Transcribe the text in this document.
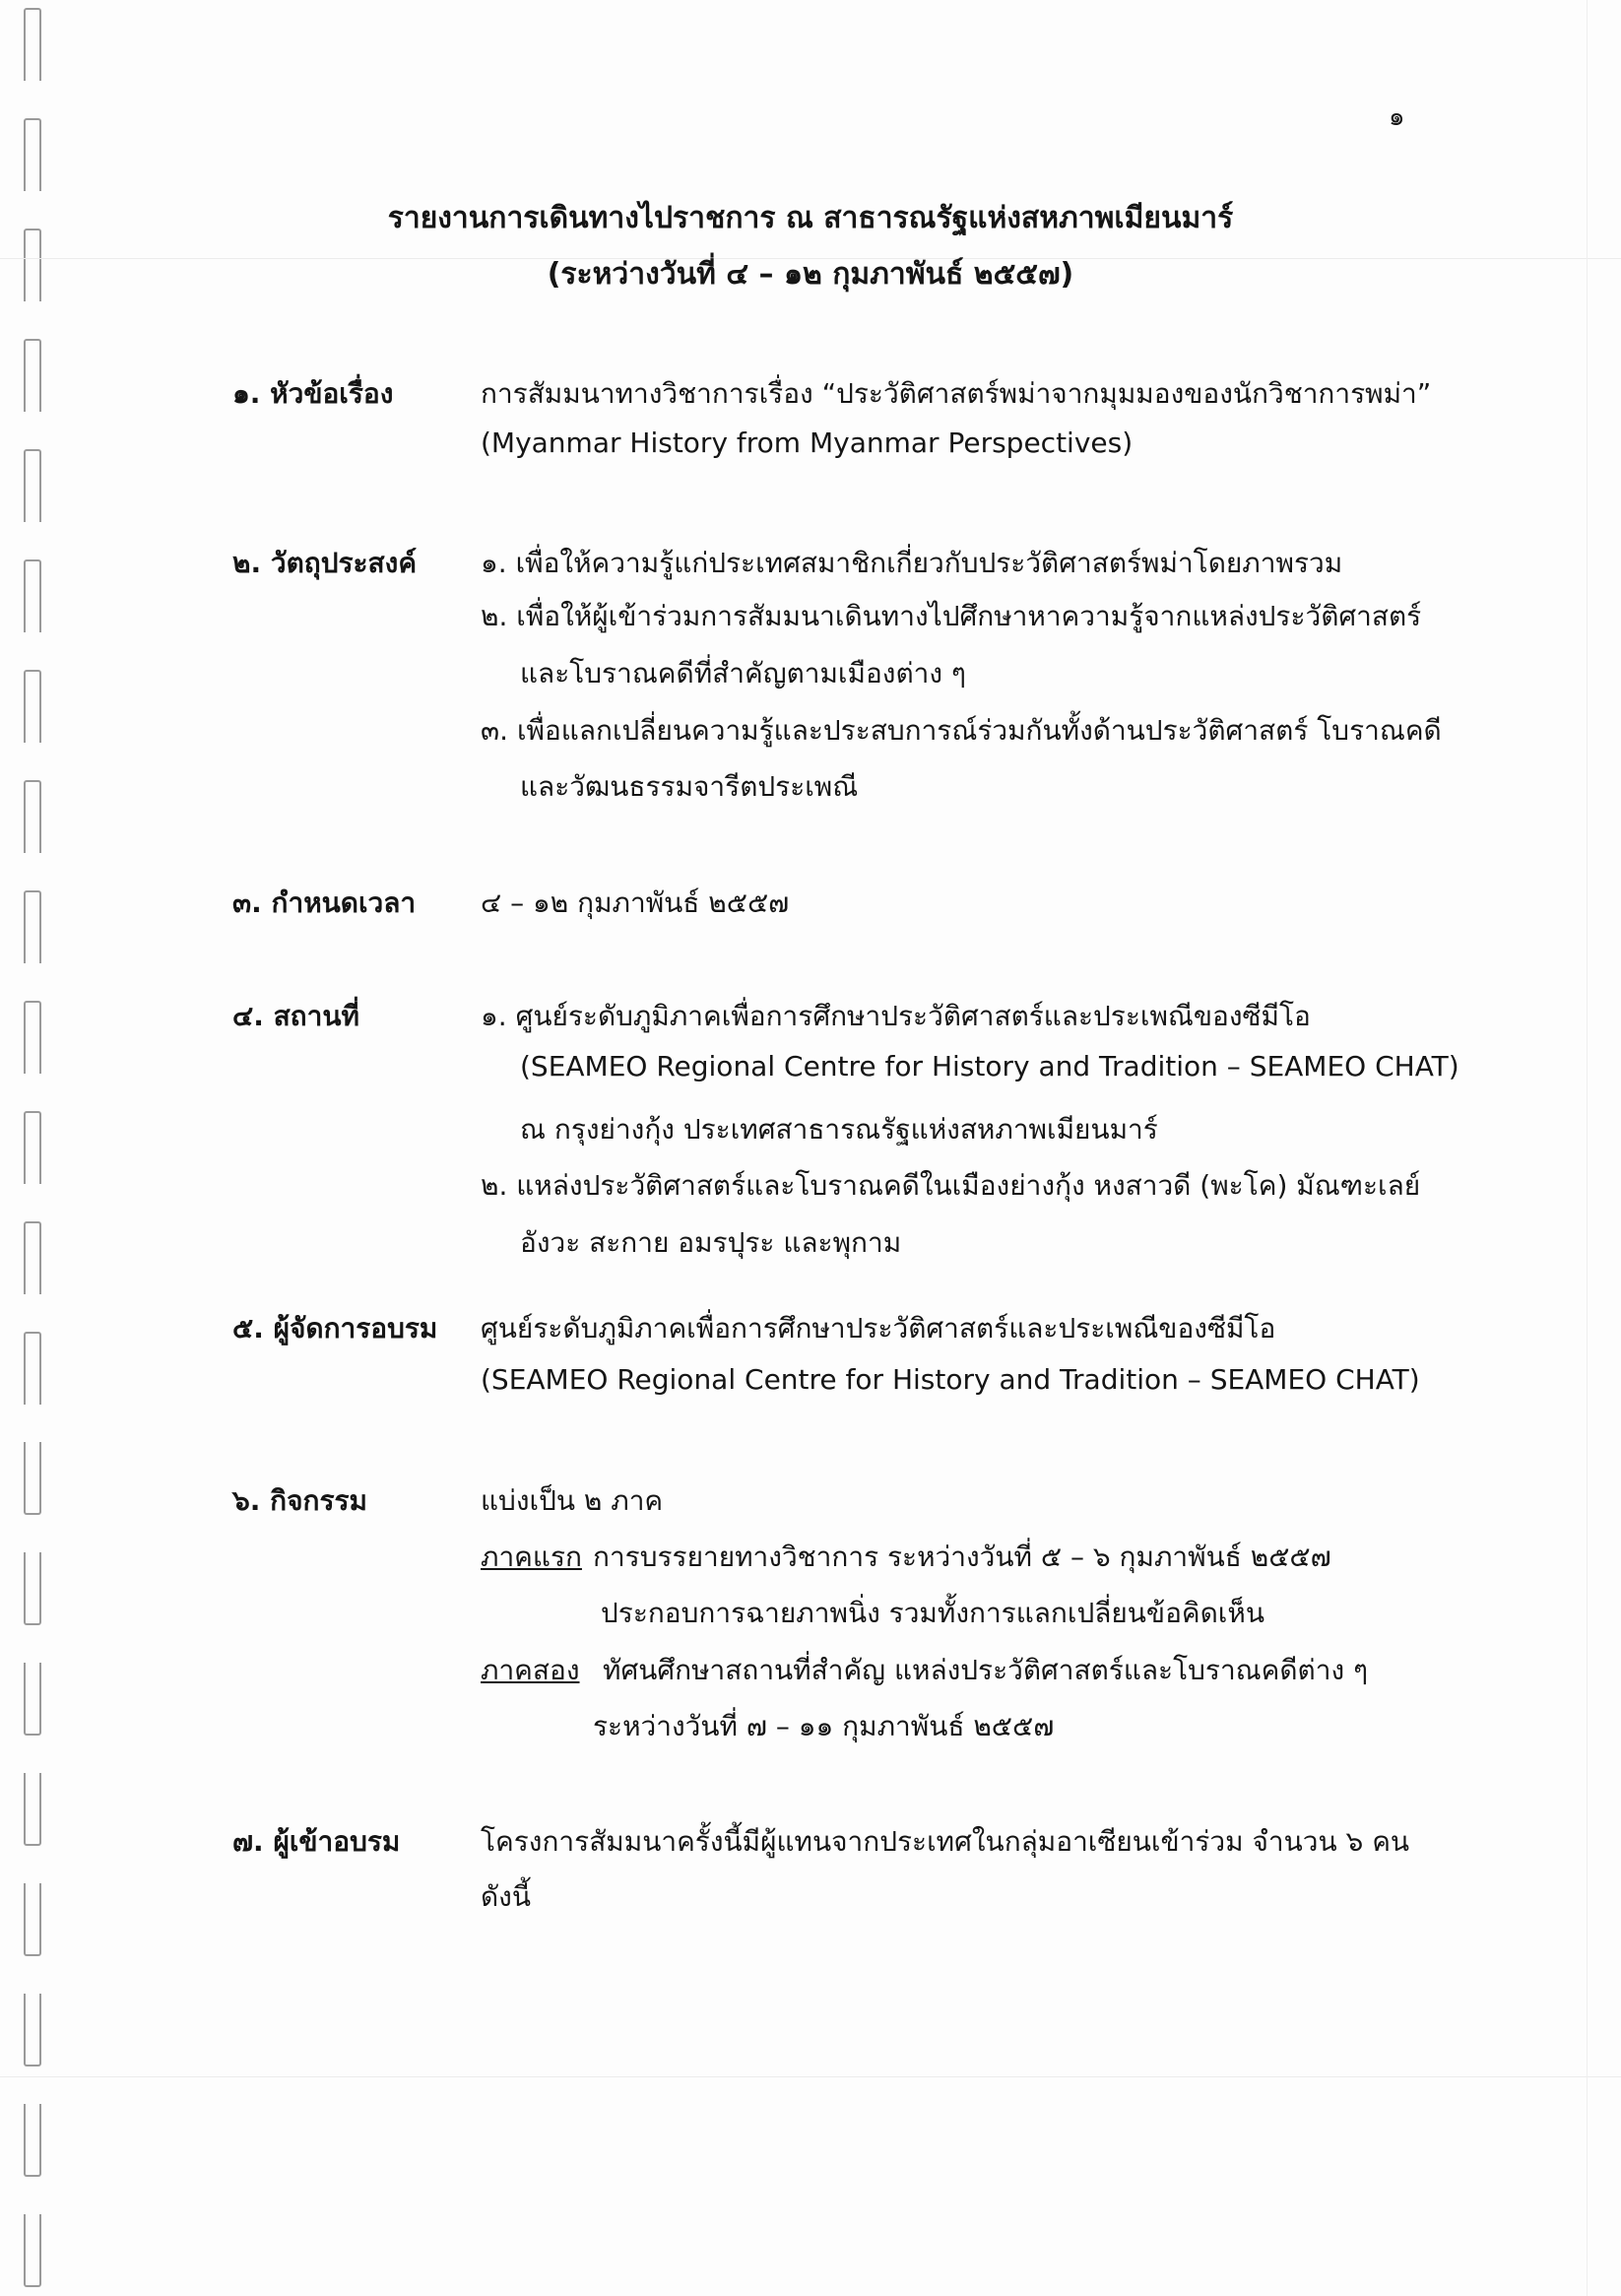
๑
รายงานการเดินทางไปราชการ ณ สาธารณรัฐแห่งสหภาพเมียนมาร์
(ระหว่างวันที่ ๔ – ๑๒ กุมภาพันธ์ ๒๕๕๗)
๑. หัวข้อเรื่อง	การสัมมนาทางวิชาการเรื่อง “ประวัติศาสตร์พม่าจากมุมมองของนักวิชาการพม่า”
(Myanmar History from Myanmar Perspectives)
๒. วัตถุประสงค์ ๑. เพื่อให้ความรู้แก่ประเทศสมาชิกเกี่ยวกับประวัติศาสตร์พม่าโดยภาพรวม
๒. เพื่อให้ผู้เข้าร่วมการสัมมนาเดินทางไปศึกษาหาความรู้จากแหล่งประวัติศาสตร์
และโบราณคดีที่สำคัญตามเมืองต่าง ๆ
๓. เพื่อแลกเปลี่ยนความรู้และประสบการณ์ร่วมกันทั้งด้านประวัติศาสตร์ โบราณคดี
และวัฒนธรรมจารีตประเพณี
๓. กำหนดเวลา ๔ – ๑๒ กุมภาพันธ์ ๒๕๕๗
๔. สถานที่	๑. ศูนย์ระดับภูมิภาคเพื่อการศึกษาประวัติศาสตร์และประเพณีของซีมีโอ
(SEAMEO Regional Centre for History and Tradition – SEAMEO CHAT)
ณ กรุงย่างกุ้ง ประเทศสาธารณรัฐแห่งสหภาพเมียนมาร์
๒. แหล่งประวัติศาสตร์และโบราณคดีในเมืองย่างกุ้ง หงสาวดี (พะโค) มัณฑะเลย์
อังวะ สะกาย อมรปุระ และพุกาม
๕. ผู้จัดการอบรม ศูนย์ระดับภูมิภาคเพื่อการศึกษาประวัติศาสตร์และประเพณีของซีมีโอ
(SEAMEO Regional Centre for History and Tradition – SEAMEO CHAT)
๖. กิจกรรม	แบ่งเป็น ๒ ภาค
ภาคแรก การบรรยายทางวิชาการ ระหว่างวันที่ ๕ – ๖ กุมภาพันธ์ ๒๕๕๗
ประกอบการฉายภาพนิ่ง รวมทั้งการแลกเปลี่ยนข้อคิดเห็น
ภาคสอง ทัศนศึกษาสถานที่สำคัญ แหล่งประวัติศาสตร์และโบราณคดีต่าง ๆ
ระหว่างวันที่ ๗ – ๑๑ กุมภาพันธ์ ๒๕๕๗
๗. ผู้เข้าอบรม	โครงการสัมมนาครั้งนี้มีผู้แทนจากประเทศในกลุ่มอาเซียนเข้าร่วม จำนวน ๖ คน
ดังนี้
